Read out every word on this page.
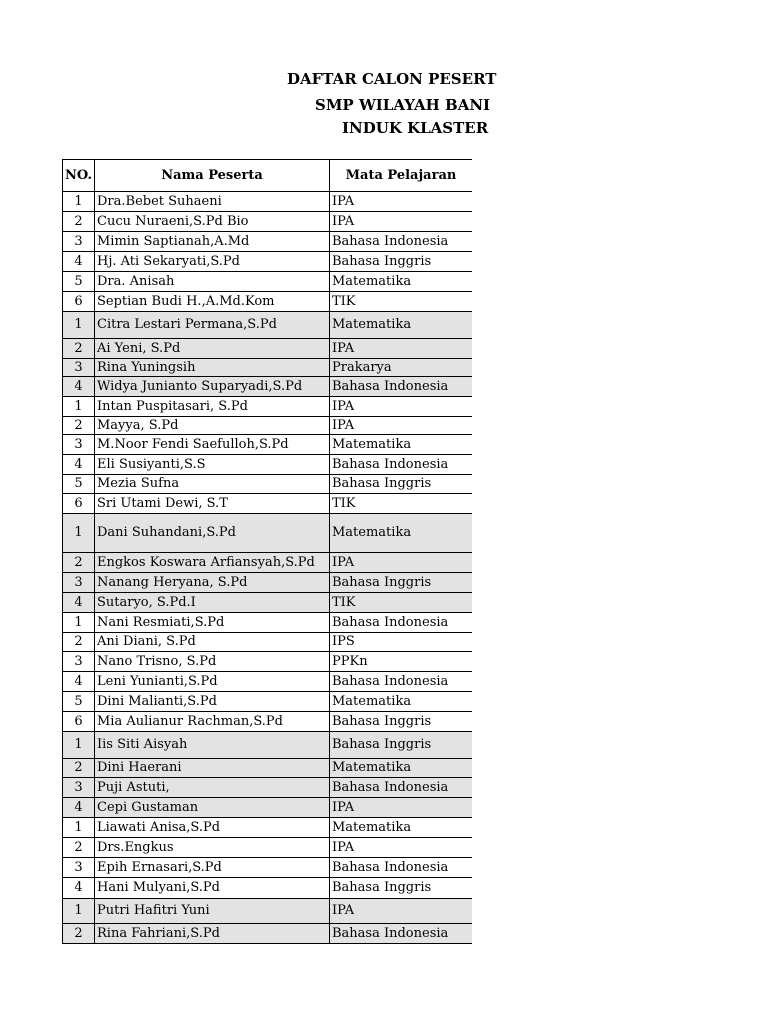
DAFTAR CALON PESERT
SMP WILAYAH BANI
INDUK KLASTER
NO.	Nama Peserta	Mata Pelajaran
1	Dra.Bebet Suhaeni	IPA
2	Cucu Nuraeni,S.Pd Bio	IPA
3	Mimin Saptianah,A.Md	Bahasa Indonesia
4	Hj. Ati Sekaryati,S.Pd	Bahasa Inggris
5	Dra. Anisah	Matematika
6	Septian Budi H.,A.Md.Kom	TIK
1	Citra Lestari Permana,S.Pd	Matematika
2	Ai Yeni, S.Pd	IPA
3	Rina Yuningsih	Prakarya
4	Widya Junianto Suparyadi,S.Pd	Bahasa Indonesia
1	Intan Puspitasari, S.Pd	IPA
2	Mayya, S.Pd	IPA
3	M.Noor Fendi Saefulloh,S.Pd	Matematika
4	Eli Susiyanti,S.S	Bahasa Indonesia
5	Mezia Sufna	Bahasa Inggris
6	Sri Utami Dewi, S.T	TIK
1	Dani Suhandani,S.Pd	Matematika
2	Engkos Koswara Arfiansyah,S.Pd	IPA
3	Nanang Heryana, S.Pd	Bahasa Inggris
4	Sutaryo, S.Pd.I	TIK
1	Nani Resmiati,S.Pd	Bahasa Indonesia
2	Ani Diani, S.Pd	IPS
3	Nano Trisno, S.Pd	PPKn
4	Leni Yunianti,S.Pd	Bahasa Indonesia
5	Dini Malianti,S.Pd	Matematika
6	Mia Aulianur Rachman,S.Pd	Bahasa Inggris
1	Iis Siti Aisyah	Bahasa Inggris
2	Dini Haerani	Matematika
3	Puji Astuti,	Bahasa Indonesia
4	Cepi Gustaman	IPA
1	Liawati Anisa,S.Pd	Matematika
2	Drs.Engkus	IPA
3	Epih Ernasari,S.Pd	Bahasa Indonesia
4	Hani Mulyani,S.Pd	Bahasa Inggris
1	Putri Hafitri Yuni	IPA
2	Rina Fahriani,S.Pd	Bahasa Indonesia
